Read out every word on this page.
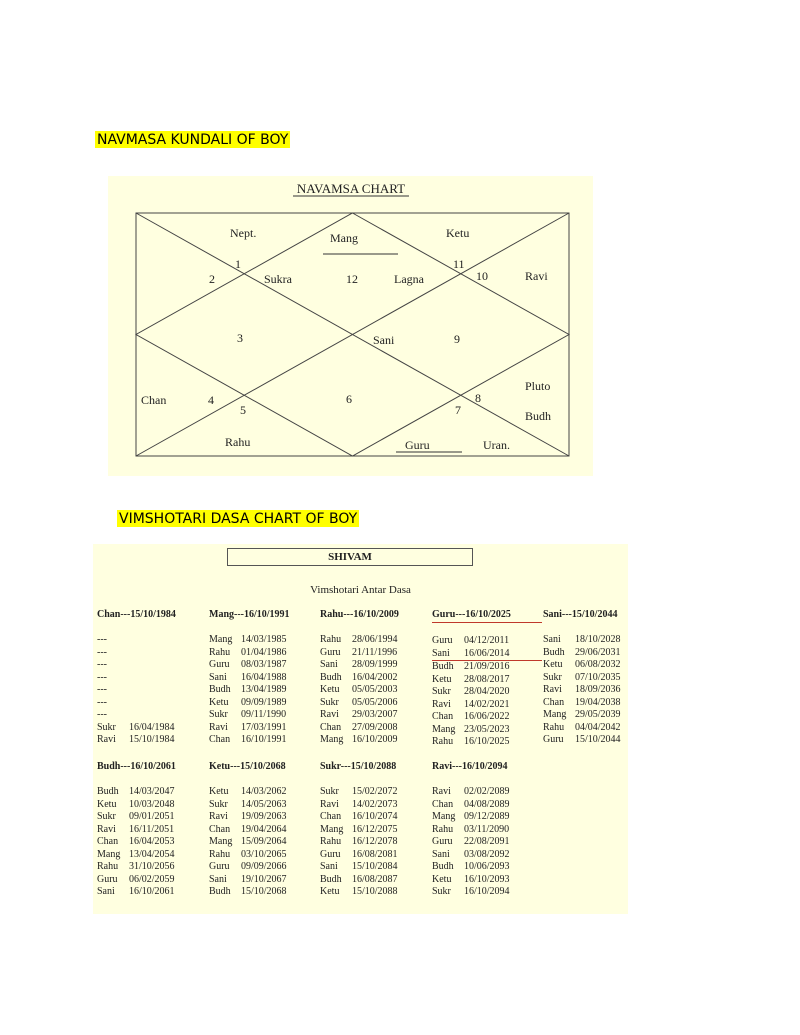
NAVMASA KUNDALI OF BOY
NAVAMSA CHART
Nept.	Mang	Ketu
Sukra	Lagna	Ravi
Sani
Chan
Pluto
Budh
Rahu	Guru	Uran.
1
2
3
4
5
6
7
8
9
10
11
12
VIMSHOTARI DASA CHART OF BOY
SHIVAM
Vimshotari Antar Dasa
Chan---15/10/1984
---
---
---
---
---
---
---
Sukr 16/04/1984
Ravi 15/10/1984
Mang---16/10/1991
Mang 14/03/1985
Rahu 01/04/1986
Guru 08/03/1987
Sani 16/04/1988
Budh 13/04/1989
Ketu 09/09/1989
Sukr 09/11/1990
Ravi 17/03/1991
Chan 16/10/1991
Rahu---16/10/2009
Rahu 28/06/1994
Guru 21/11/1996
Sani 28/09/1999
Budh 16/04/2002
Ketu 05/05/2003
Sukr 05/05/2006
Ravi 29/03/2007
Chan 27/09/2008
Mang 16/10/2009
Guru---16/10/2025
Guru 04/12/2011
Sani 16/06/2014
Budh 21/09/2016
Ketu 28/08/2017
Sukr 28/04/2020
Ravi 14/02/2021
Chan 16/06/2022
Mang 23/05/2023
Rahu 16/10/2025
Sani---15/10/2044
Sani 18/10/2028
Budh 29/06/2031
Ketu 06/08/2032
Sukr 07/10/2035
Ravi 18/09/2036
Chan 19/04/2038
Mang 29/05/2039
Rahu 04/04/2042
Guru 15/10/2044
Budh---16/10/2061
Budh 14/03/2047
Ketu 10/03/2048
Sukr 09/01/2051
Ravi 16/11/2051
Chan 16/04/2053
Mang 13/04/2054
Rahu 31/10/2056
Guru 06/02/2059
Sani 16/10/2061
Ketu---15/10/2068
Ketu 14/03/2062
Sukr 14/05/2063
Ravi 19/09/2063
Chan 19/04/2064
Mang 15/09/2064
Rahu 03/10/2065
Guru 09/09/2066
Sani 19/10/2067
Budh 15/10/2068
Sukr---15/10/2088
Sukr 15/02/2072
Ravi 14/02/2073
Chan 16/10/2074
Mang 16/12/2075
Rahu 16/12/2078
Guru 16/08/2081
Sani 15/10/2084
Budh 16/08/2087
Ketu 15/10/2088
Ravi---16/10/2094
Ravi 02/02/2089
Chan 04/08/2089
Mang 09/12/2089
Rahu 03/11/2090
Guru 22/08/2091
Sani 03/08/2092
Budh 10/06/2093
Ketu 16/10/2093
Sukr 16/10/2094
